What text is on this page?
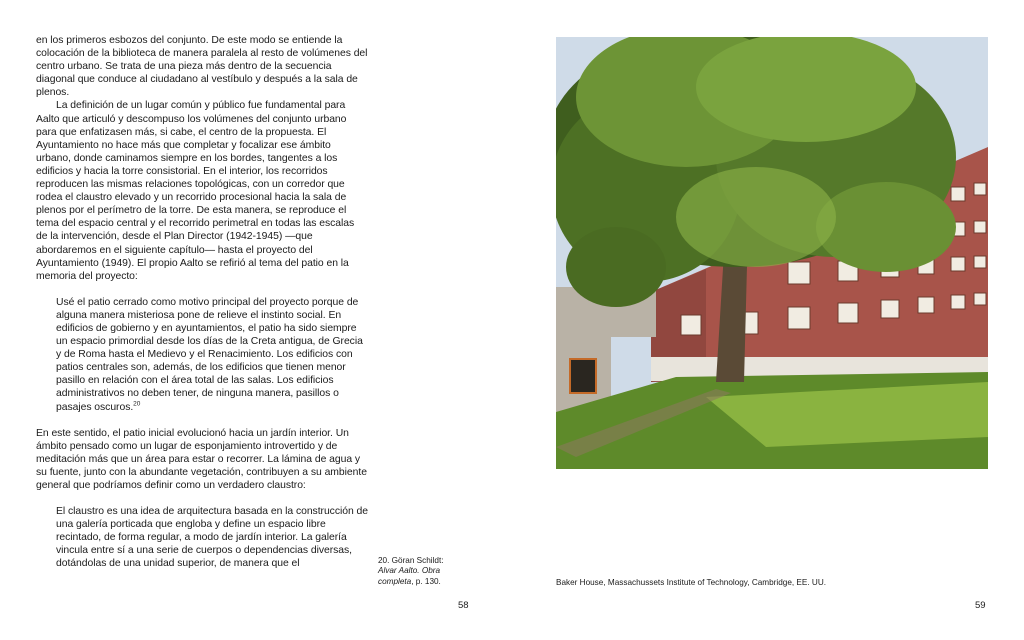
en los primeros esbozos del conjunto. De este modo se entiende la colocación de la biblioteca de manera paralela al resto de volúmenes del centro urbano. Se trata de una pieza más dentro de la secuencia diagonal que conduce al ciudadano al vestíbulo y después a la sala de plenos.

La definición de un lugar común y público fue fundamental para Aalto que articuló y descompuso los volúmenes del conjunto urbano para que enfatizasen más, si cabe, el centro de la propuesta. El Ayuntamiento no hace más que completar y focalizar ese ámbito urbano, donde caminamos siempre en los bordes, tangentes a los edificios y hacia la torre consistorial. En el interior, los recorridos reproducen las mismas relaciones topológicas, con un corredor que rodea el claustro elevado y un recorrido procesional hacia la sala de plenos por el perímetro de la torre. De esta manera, se reproduce el tema del espacio central y el recorrido perimetral en todas las escalas de la intervención, desde el Plan Director (1942-1945) —que abordaremos en el siguiente capítulo— hasta el proyecto del Ayuntamiento (1949). El propio Aalto se refirió al tema del patio en la memoria del proyecto:

Usé el patio cerrado como motivo principal del proyecto porque de alguna manera misteriosa pone de relieve el instinto social. En edificios de gobierno y en ayuntamientos, el patio ha sido siempre un espacio primordial desde los días de la Creta antigua, de Grecia y de Roma hasta el Medievo y el Renacimiento. Los edificios con patios centrales son, además, de los edificios que tienen menor pasillo en relación con el área total de las salas. Los edificios administrativos no deben tener, de ninguna manera, pasillos o pasajes oscuros.$^{20}$

En este sentido, el patio inicial evolucionó hacia un jardín interior. Un ámbito pensado como un lugar de esponjamiento introvertido y de meditación más que un área para estar o recorrer. La lámina de agua y su fuente, junto con la abundante vegetación, contribuyen a su ambiente general que podríamos definir como un verdadero claustro:

El claustro es una idea de arquitectura basada en la construcción de una galería porticada que engloba y define un espacio libre recintado, de forma regular, a modo de jardín interior. La galería vincula entre sí a una serie de cuerpos o dependencias diversas, dotándolas de una unidad superior, de manera que el	20. Göran Schildt:
Alvar Aalto. Obra completa, p. 130.
58
Baker House, Massachussets Institute of Technology, Cambridge, EE. UU.
59
